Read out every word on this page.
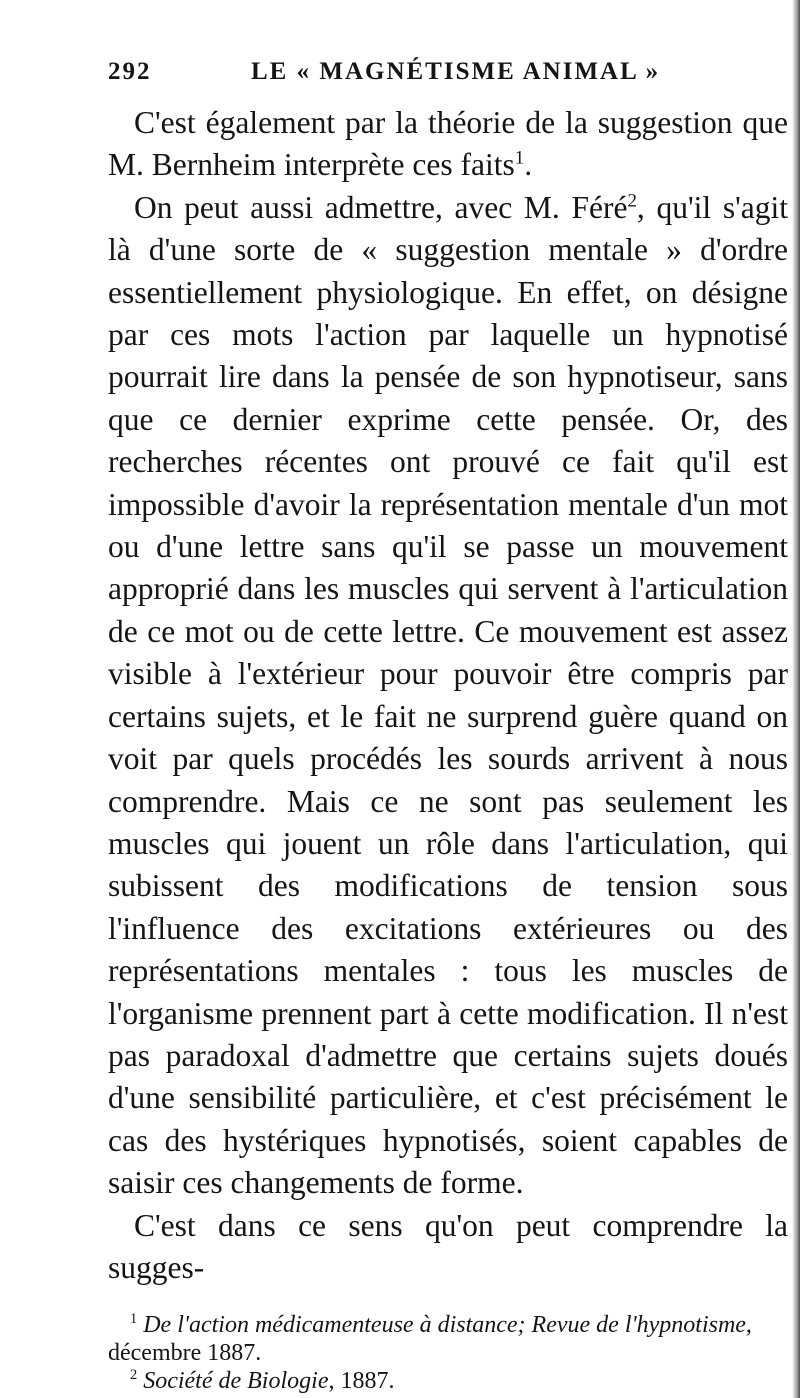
292	LE « MAGNÉTISME ANIMAL »

C'est également par la théorie de la suggestion que M. Bernheim interprète ces faits$^1$.

On peut aussi admettre, avec M. Féré$^2$, qu'il s'agit là d'une sorte de « suggestion mentale » d'ordre essentiellement physiologique. En effet, on désigne par ces mots l'action par laquelle un hypnotisé pourrait lire dans la pensée de son hypnotiseur, sans que ce dernier exprime cette pensée. Or, des recherches récentes ont prouvé ce fait qu'il est impossible d'avoir la représentation mentale d'un mot ou d'une lettre sans qu'il se passe un mouvement approprié dans les muscles qui servent à l'articulation de ce mot ou de cette lettre. Ce mouvement est assez visible à l'extérieur pour pouvoir être compris par certains sujets, et le fait ne surprend guère quand on voit par quels procédés les sourds arrivent à nous comprendre. Mais ce ne sont pas seulement les muscles qui jouent un rôle dans l'articulation, qui subissent des modifications de tension sous l'influence des excitations extérieures ou des représentations mentales : tous les muscles de l'organisme prennent part à cette modification. Il n'est pas paradoxal d'admettre que certains sujets doués d'une sensibilité particulière, et c'est précisément le cas des hystériques hypnotisés, soient capables de saisir ces changements de forme.

C'est dans ce sens qu'on peut comprendre la sugges-

$^1$ De l'action médicamenteuse à distance; Revue de l'hypnotisme, décembre 1887.

$^2$ Société de Biologie, 1887.
